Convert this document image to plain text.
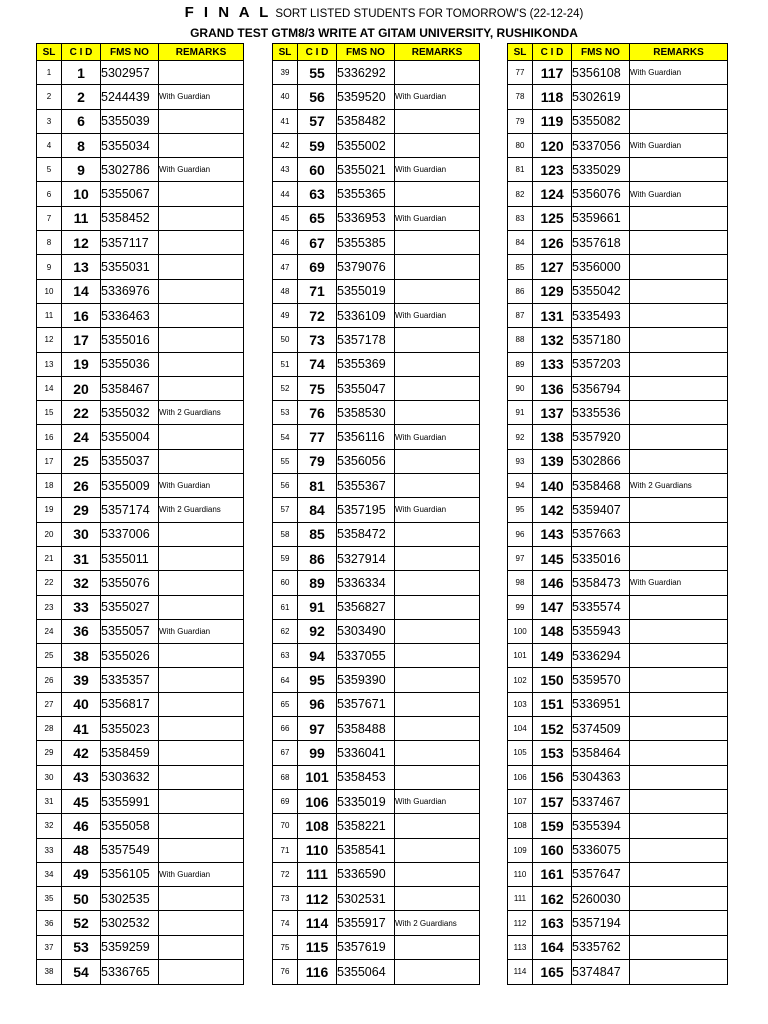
F I N A L SORT LISTED STUDENTS FOR TOMORROW'S (22-12-24)
GRAND TEST GTM8/3 WRITE AT GITAM UNIVERSITY, RUSHIKONDA
SL	C I D	FMS NO	REMARKS
1	1	5302957	
2	2	5244439	With Guardian
3	6	5355039	
4	8	5355034	
5	9	5302786	With Guardian
6	10	5355067	
7	11	5358452	
8	12	5357117	
9	13	5355031	
10	14	5336976	
11	16	5336463	
12	17	5355016	
13	19	5355036	
14	20	5358467	
15	22	5355032	With 2 Guardians
16	24	5355004	
17	25	5355037	
18	26	5355009	With Guardian
19	29	5357174	With 2 Guardians
20	30	5337006	
21	31	5355011	
22	32	5355076	
23	33	5355027	
24	36	5355057	With Guardian
25	38	5355026	
26	39	5335357	
27	40	5356817	
28	41	5355023	
29	42	5358459	
30	43	5303632	
31	45	5355991	
32	46	5355058	
33	48	5357549	
34	49	5356105	With Guardian
35	50	5302535	
36	52	5302532	
37	53	5359259	
38	54	5336765	
SL	C I D	FMS NO	REMARKS
39	55	5336292	
40	56	5359520	With Guardian
41	57	5358482	
42	59	5355002	
43	60	5355021	With Guardian
44	63	5355365	
45	65	5336953	With Guardian
46	67	5355385	
47	69	5379076	
48	71	5355019	
49	72	5336109	With Guardian
50	73	5357178	
51	74	5355369	
52	75	5355047	
53	76	5358530	
54	77	5356116	With Guardian
55	79	5356056	
56	81	5355367	
57	84	5357195	With Guardian
58	85	5358472	
59	86	5327914	
60	89	5336334	
61	91	5356827	
62	92	5303490	
63	94	5337055	
64	95	5359390	
65	96	5357671	
66	97	5358488	
67	99	5336041	
68	101	5358453	
69	106	5335019	With Guardian
70	108	5358221	
71	110	5358541	
72	111	5336590	
73	112	5302531	
74	114	5355917	With 2 Guardians
75	115	5357619	
76	116	5355064	
SL	C I D	FMS NO	REMARKS
77	117	5356108	With Guardian
78	118	5302619	
79	119	5355082	
80	120	5337056	With Guardian
81	123	5335029	
82	124	5356076	With Guardian
83	125	5359661	
84	126	5357618	
85	127	5356000	
86	129	5355042	
87	131	5335493	
88	132	5357180	
89	133	5357203	
90	136	5356794	
91	137	5335536	
92	138	5357920	
93	139	5302866	
94	140	5358468	With 2 Guardians
95	142	5359407	
96	143	5357663	
97	145	5335016	
98	146	5358473	With Guardian
99	147	5335574	
100	148	5355943	
101	149	5336294	
102	150	5359570	
103	151	5336951	
104	152	5374509	
105	153	5358464	
106	156	5304363	
107	157	5337467	
108	159	5355394	
109	160	5336075	
110	161	5357647	
111	162	5260030	
112	163	5357194	
113	164	5335762	
114	165	5374847	
